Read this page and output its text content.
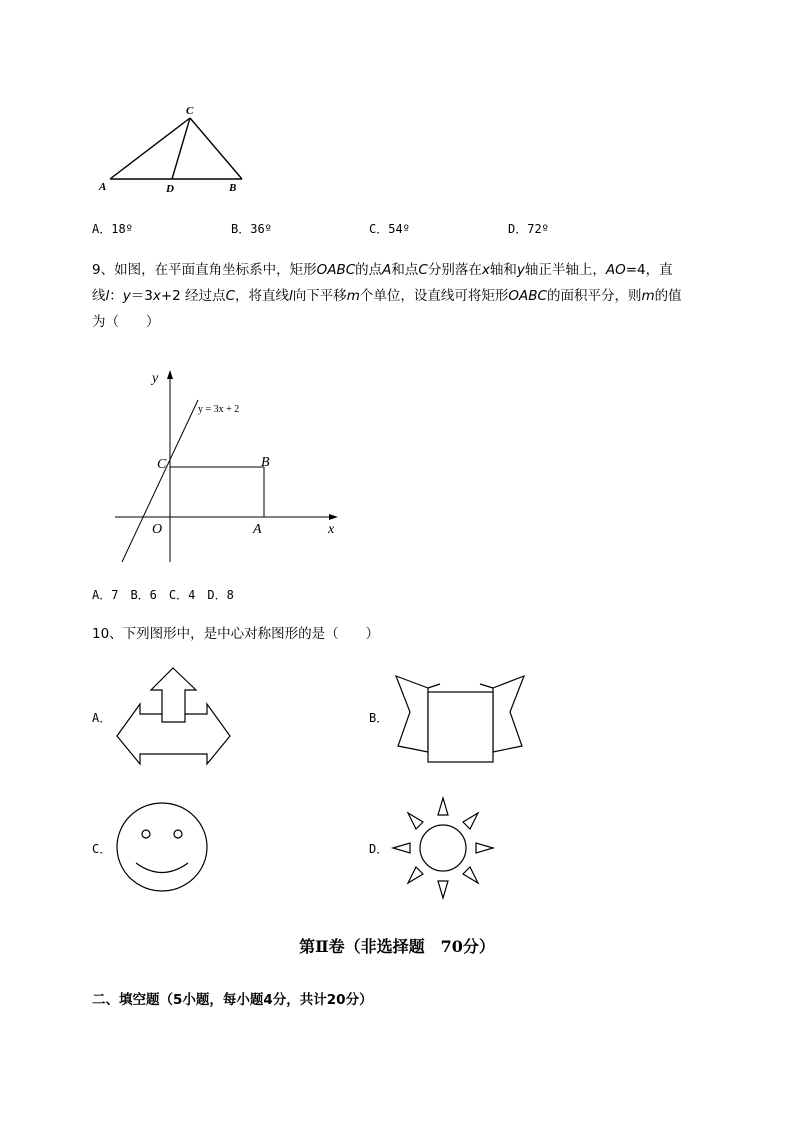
C
A	D	B
A．18º	B．36º	C．54º	D．72º
9、如图，在平面直角坐标系中，矩形OABC的点A和点C分别落在x轴和y轴正半轴上，AO=4，直
线l：y＝3x+2 经过点C，将直线l向下平移m个单位，设直线可将矩形OABC的面积平分，则m的值
为（　　）
y
x
O	A
B
C
y = 3x + 2
A．7　B．6　C．4　D．8
10、下列图形中，是中心对称图形的是（　　）
A．	B．
C．	D．
第Ⅱ卷（非选择题　70分）
二、填空题（5小题，每小题4分，共计20分）
